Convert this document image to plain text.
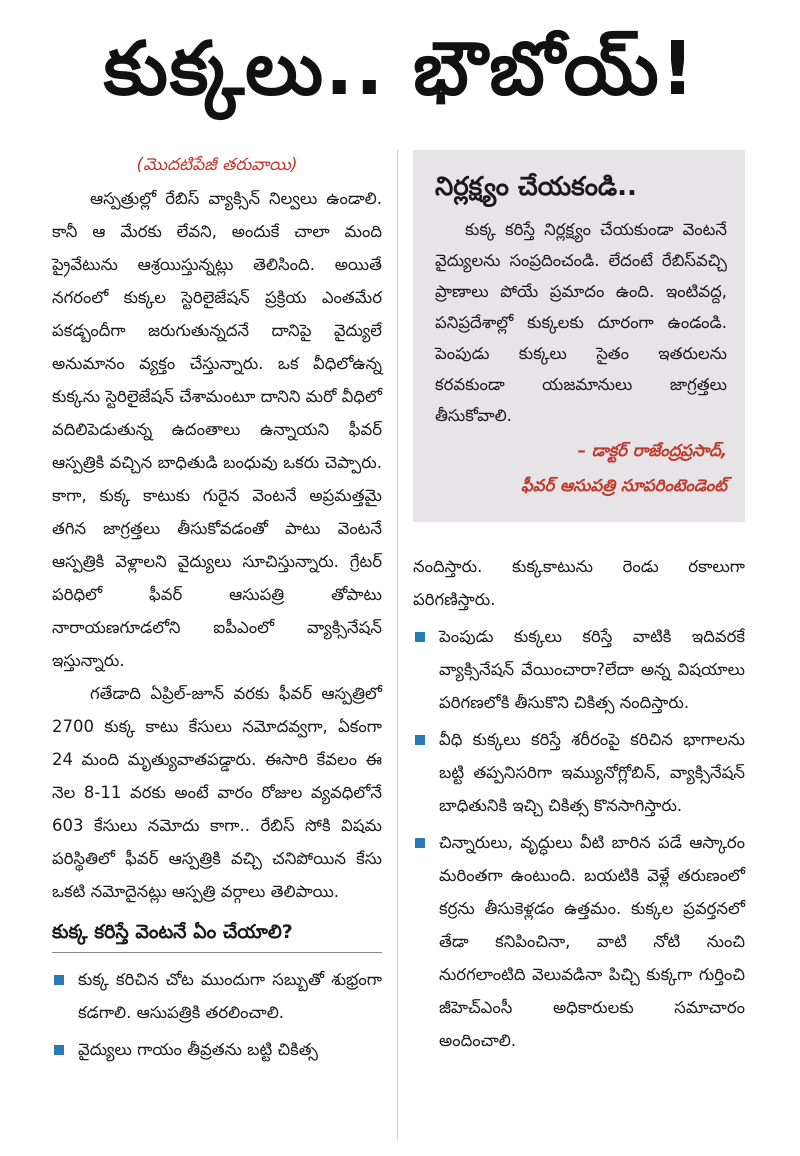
కుక్కలు.. భౌబోయ్!
(మొదటిపేజీ తరువాయి)

ఆస్పత్రుల్లో రేబిస్ వ్యాక్సిన్ నిల్వలు ఉండాలి. కానీ ఆ మేరకు లేవని, అందుకే చాలా మంది ప్రైవేటును ఆశ్రయిస్తున్నట్లు తెలిసింది. అయితే నగరంలో కుక్కల స్టెరిలైజేషన్ ప్రక్రియ ఎంతమేర పకడ్బందీగా జరుగుతున్నదనే దానిపై వైద్యులే అనుమానం వ్యక్తం చేస్తున్నారు. ఒక వీధిలోఉన్న కుక్కను స్టెరిలైజేషన్ చేశామంటూ దానిని మరో వీధిలో వదిలిపెడుతున్న ఉదంతాలు ఉన్నాయని ఫీవర్ ఆస్పత్రికి వచ్చిన బాధితుడి బంధువు ఒకరు చెప్పారు. కాగా, కుక్క కాటుకు గురైన వెంటనే అప్రమత్తమై తగిన జాగ్రత్తలు తీసుకోవడంతో పాటు వెంటనే ఆస్పత్రికి వెళ్లాలని వైద్యులు సూచిస్తున్నారు. గ్రేటర్ పరిధిలో ఫీవర్ ఆసుపత్రి తోపాటు నారాయణగూడలోని ఐపీఎంలో వ్యాక్సినేషన్ ఇస్తున్నారు.

గతేడాది ఏప్రిల్-జూన్ వరకు ఫీవర్ ఆస్పత్రిలో 2700 కుక్క కాటు కేసులు నమోదవ్వగా, ఏకంగా 24 మంది మృత్యువాతపడ్డారు. ఈసారి కేవలం ఈ నెల 8-11 వరకు అంటే వారం రోజుల వ్యవధిలోనే 603 కేసులు నమోదు కాగా.. రేబిస్ సోకి విషమ పరిస్థితిలో ఫీవర్ ఆస్పత్రికి వచ్చి చనిపోయిన కేసు ఒకటి నమోదైనట్లు ఆస్పత్రి వర్గాలు తెలిపాయి.

కుక్క కరిస్తే వెంటనే ఏం చేయాలి?
కుక్క కరిచిన చోట ముందుగా సబ్బుతో శుభ్రంగా కడగాలి. ఆసుపత్రికి తరలించాలి.
వైద్యులు గాయం తీవ్రతను బట్టి చికిత్స
నిర్లక్ష్యం చేయకండి..

కుక్క కరిస్తే నిర్లక్ష్యం చేయకుండా వెంటనే వైద్యులను సంప్రదించండి. లేదంటే రేబిస్‌వచ్చి ప్రాణాలు పోయే ప్రమాదం ఉంది. ఇంటివద్ద, పనిప్రదేశాల్లో కుక్కలకు దూరంగా ఉండండి. పెంపుడు కుక్కలు సైతం ఇతరులను కరవకుండా యజమానులు జాగ్రత్తలు తీసుకోవాలి.

– డాక్టర్ రాజేంద్రప్రసాద్,
ఫీవర్ ఆసుపత్రి సూపరింటెండెంట్

నందిస్తారు. కుక్కకాటును రెండు రకాలుగా పరిగణిస్తారు.

పెంపుడు కుక్కలు కరిస్తే వాటికి ఇదివరకే వ్యాక్సినేషన్ వేయించారా?లేదా అన్న విషయాలు పరిగణలోకి తీసుకొని చికిత్స నందిస్తారు.
వీధి కుక్కలు కరిస్తే శరీరంపై కరిచిన భాగాలను బట్టి తప్పనిసరిగా ఇమ్యునోగ్లోబిన్, వ్యాక్సినేషన్ బాధితునికి ఇచ్చి చికిత్స కొనసాగిస్తారు.
చిన్నారులు, వృద్ధులు వీటి బారిన పడే ఆస్కారం మరింతగా ఉంటుంది. బయటికి వెళ్లే తరుణంలో కర్రను తీసుకెళ్లడం ఉత్తమం. కుక్కల ప్రవర్తనలో తేడా కనిపించినా, వాటి నోటి నుంచి నురగలాంటిది వెలువడినా పిచ్చి కుక్కగా గుర్తించి జీహెచ్ఎంసీ అధికారులకు సమాచారం అందించాలి.
